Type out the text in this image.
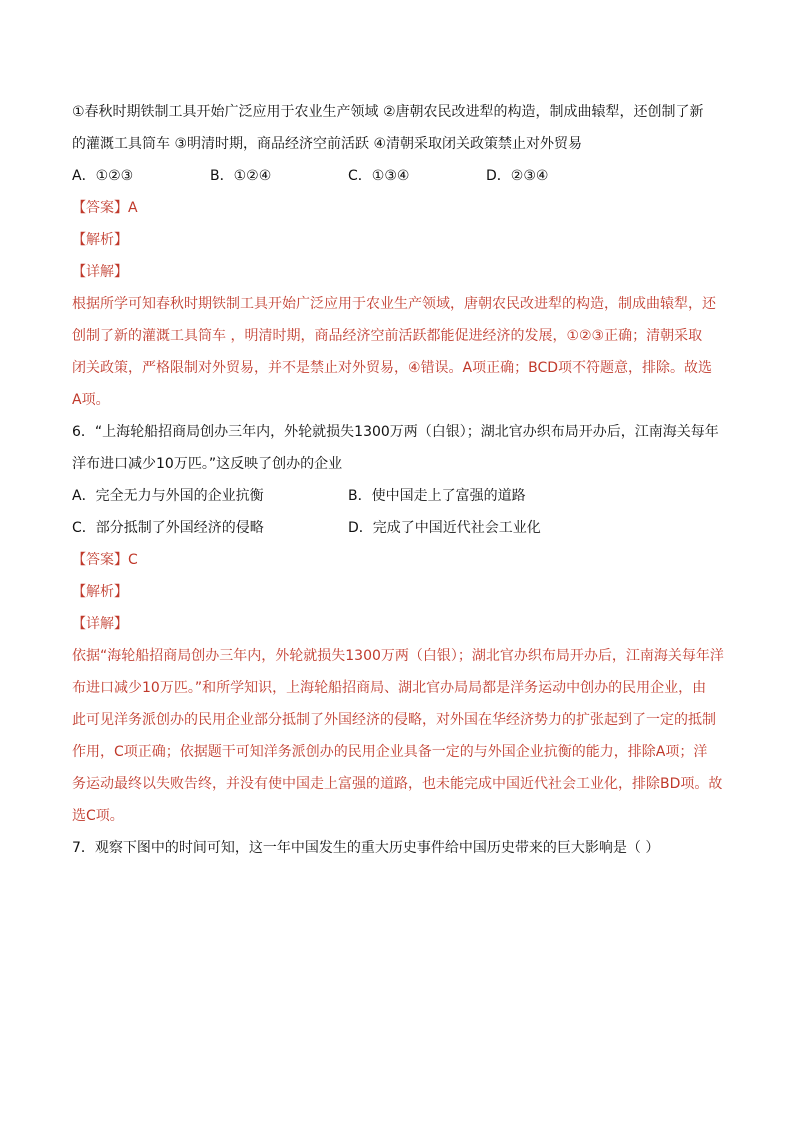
①春秋时期铁制工具开始广泛应用于农业生产领域 ②唐朝农民改进犁的构造，制成曲辕犁，还创制了新
的灌溉工具筒车 ③明清时期，商品经济空前活跃 ④清朝采取闭关政策禁止对外贸易
A．①②③	B．①②④	C．①③④	D．②③④
【答案】A
【解析】
【详解】
根据所学可知春秋时期铁制工具开始广泛应用于农业生产领域，唐朝农民改进犁的构造，制成曲辕犁，还
创制了新的灌溉工具筒车 ，明清时期，商品经济空前活跃都能促进经济的发展，①②③正确；清朝采取
闭关政策，严格限制对外贸易，并不是禁止对外贸易，④错误。A项正确；BCD项不符题意，排除。故选
A项。
6．“上海轮船招商局创办三年内，外轮就损失1300万两（白银）；湖北官办织布局开办后，江南海关每年
洋布进口减少10万匹。”这反映了创办的企业
A．完全无力与外国的企业抗衡	B．使中国走上了富强的道路
C．部分抵制了外国经济的侵略	D．完成了中国近代社会工业化
【答案】C
【解析】
【详解】
依据“海轮船招商局创办三年内，外轮就损失1300万两（白银）；湖北官办织布局开办后，江南海关每年洋
布进口减少10万匹。”和所学知识，上海轮船招商局、湖北官办局局都是洋务运动中创办的民用企业，由
此可见洋务派创办的民用企业部分抵制了外国经济的侵略，对外国在华经济势力的扩张起到了一定的抵制
作用，C项正确；依据题干可知洋务派创办的民用企业具备一定的与外国企业抗衡的能力，排除A项；洋
务运动最终以失败告终，并没有使中国走上富强的道路，也未能完成中国近代社会工业化，排除BD项。故
选C项。
7．观察下图中的时间可知，这一年中国发生的重大历史事件给中国历史带来的巨大影响是（ ）
